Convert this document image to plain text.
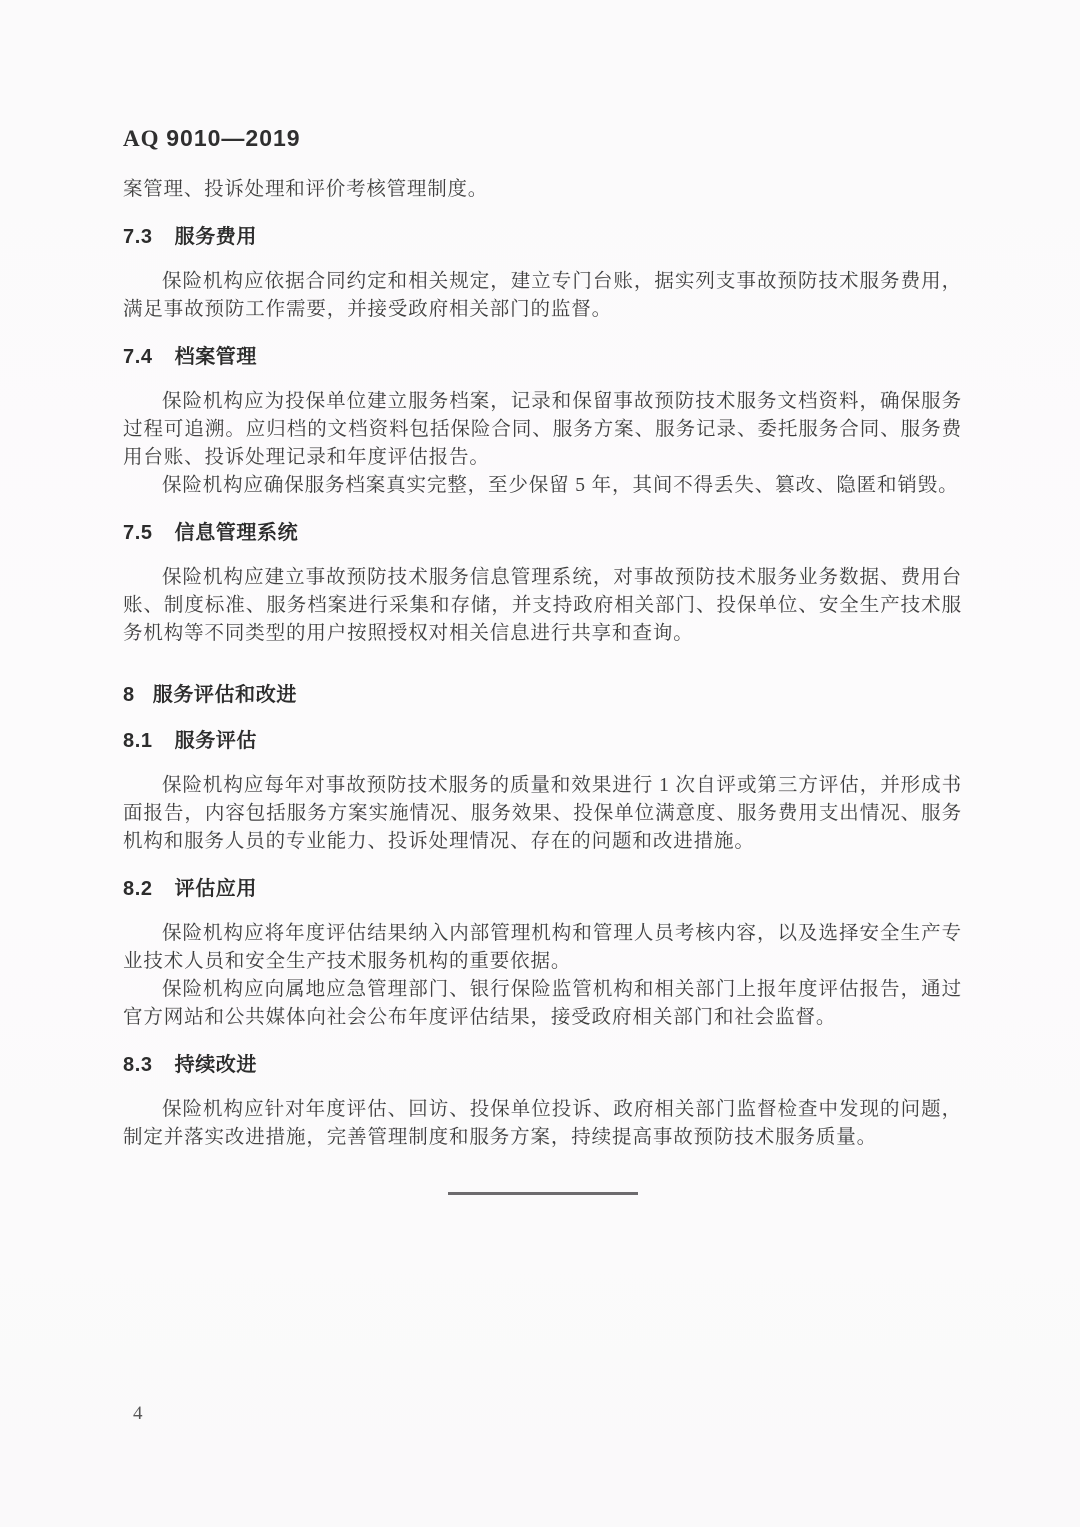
AQ 9010—2019

案管理、投诉处理和评价考核管理制度。

7.3 服务费用

保险机构应依据合同约定和相关规定，建立专门台账，据实列支事故预防技术服务费用，满足事故预防工作需要，并接受政府相关部门的监督。

7.4 档案管理

保险机构应为投保单位建立服务档案，记录和保留事故预防技术服务文档资料，确保服务过程可追溯。应归档的文档资料包括保险合同、服务方案、服务记录、委托服务合同、服务费用台账、投诉处理记录和年度评估报告。

保险机构应确保服务档案真实完整，至少保留 5 年，其间不得丢失、篡改、隐匿和销毁。

7.5 信息管理系统

保险机构应建立事故预防技术服务信息管理系统，对事故预防技术服务业务数据、费用台账、制度标准、服务档案进行采集和存储，并支持政府相关部门、投保单位、安全生产技术服务机构等不同类型的用户按照授权对相关信息进行共享和查询。

8 服务评估和改进
8.1 服务评估

保险机构应每年对事故预防技术服务的质量和效果进行 1 次自评或第三方评估，并形成书面报告，内容包括服务方案实施情况、服务效果、投保单位满意度、服务费用支出情况、服务机构和服务人员的专业能力、投诉处理情况、存在的问题和改进措施。

8.2 评估应用

保险机构应将年度评估结果纳入内部管理机构和管理人员考核内容，以及选择安全生产专业技术人员和安全生产技术服务机构的重要依据。

保险机构应向属地应急管理部门、银行保险监管机构和相关部门上报年度评估报告，通过官方网站和公共媒体向社会公布年度评估结果，接受政府相关部门和社会监督。

8.3 持续改进

保险机构应针对年度评估、回访、投保单位投诉、政府相关部门监督检查中发现的问题，制定并落实改进措施，完善管理制度和服务方案，持续提高事故预防技术服务质量。

4
